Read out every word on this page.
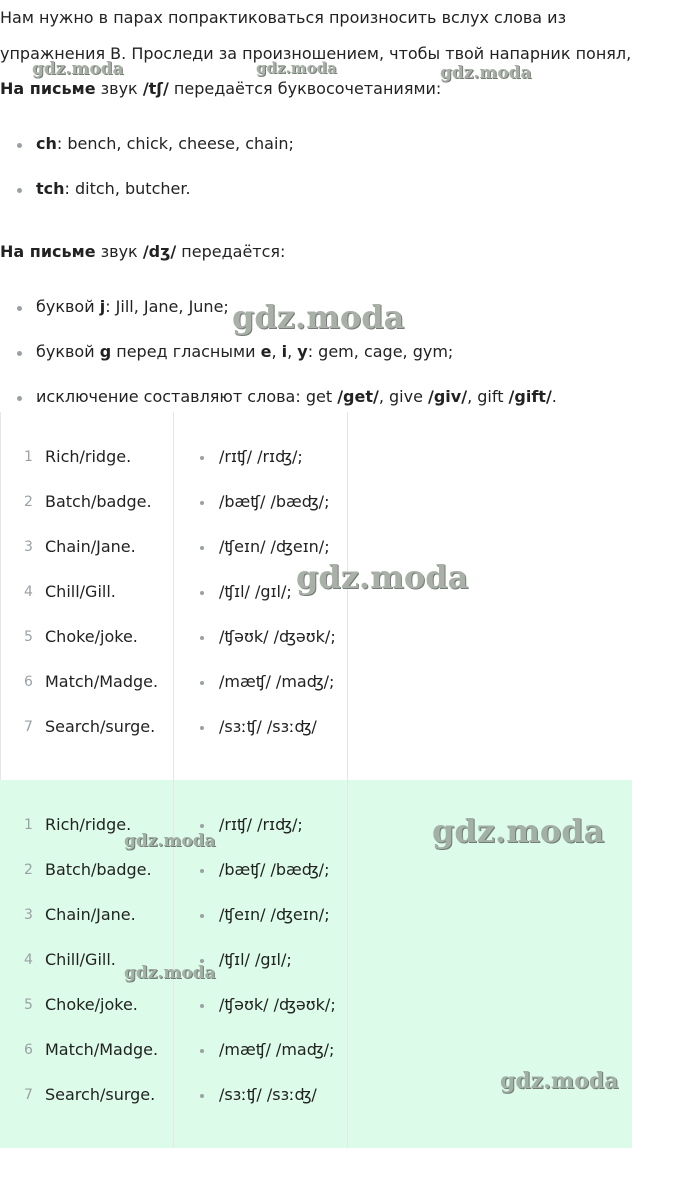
Нам нужно в парах попрактиковаться произносить вслух слова из

упражнения B. Проследи за произношением, чтобы твой напарник понял,

На письме звук /tʃ/ передаётся буквосочетаниями:

ch: bench, chick, cheese, chain;
tch: ditch, butcher.

На письме звук /dʒ/ передаётся:

буквой j: Jill, Jane, June;
буквой g перед гласными e, i, y: gem, cage, gym;
исключение составляют слова: get /get/, give /giv/, gift /gift/.
1 Rich/ridge.	/rɪʧ/ /rɪʤ/;
2 Batch/badge.	/bæʧ/ /bæʤ/;
3 Chain/Jane.	/ʧeɪn/ /ʤeɪn/;
4 Chill/Gill.	/ʧɪl/ /gɪl/;
5 Choke/joke.	/ʧəʊk/ /ʤəʊk/;
6 Match/Madge.	/mæʧ/ /maʤ/;
7 Search/surge.	/sɜːʧ/ /sɜːʤ/
1 Rich/ridge.	/rɪʧ/ /rɪʤ/;
2 Batch/badge.	/bæʧ/ /bæʤ/;
3 Chain/Jane.	/ʧeɪn/ /ʤeɪn/;
4 Chill/Gill.	/ʧɪl/ /gɪl/;
5 Choke/joke.	/ʧəʊk/ /ʤəʊk/;
6 Match/Madge.	/mæʧ/ /maʤ/;
7 Search/surge.	/sɜːʧ/ /sɜːʤ/
gdz.moda	gdz.moda	gdz.moda
gdz.moda
gdz.moda
gdz.moda
gdz.moda
gdz.moda
gdz.moda
